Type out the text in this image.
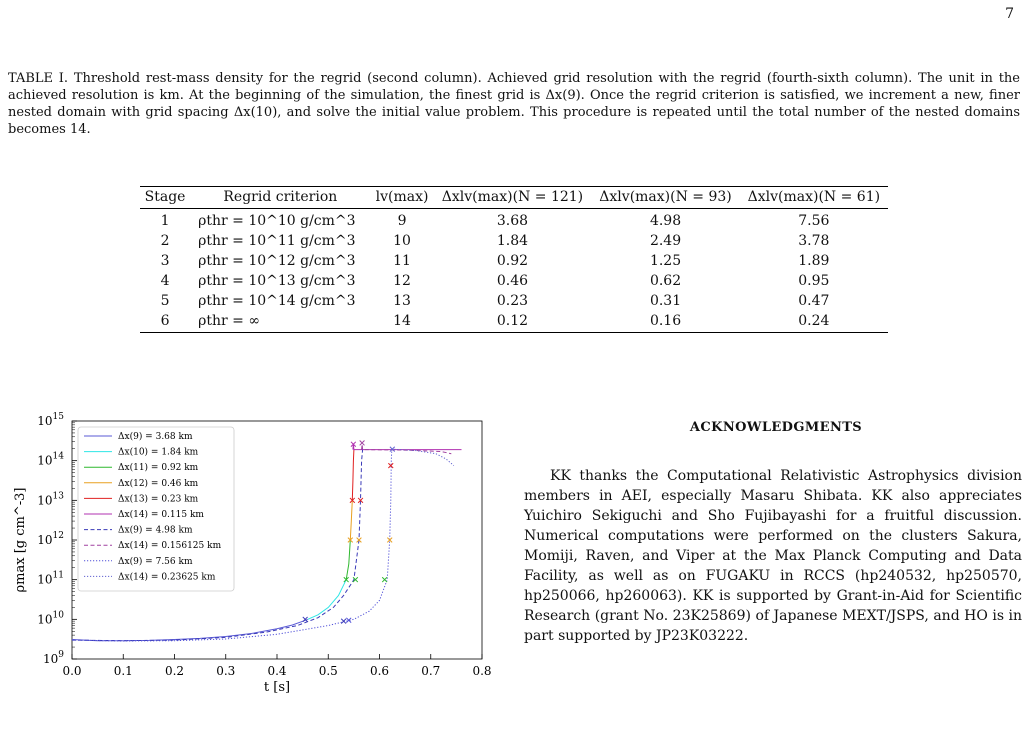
7

TABLE I. Threshold rest-mass density for the regrid (second column). Achieved grid resolution with the regrid (fourth-sixth column). The unit in the achieved resolution is km. At the beginning of the simulation, the finest grid is Δx(9). Once the regrid criterion is satisfied, we increment a new, finer nested domain with grid spacing Δx(10), and solve the initial value problem. This procedure is repeated until the total number of the nested domains becomes 14.

Stage	Regrid criterion	lv(max)	Δxlv(max)(N = 121)	Δxlv(max)(N = 93)	Δxlv(max)(N = 61)
1	ρthr = 10^10 g/cm^3	9	3.68	4.98	7.56
2	ρthr = 10^11 g/cm^3	10	1.84	2.49	3.78
3	ρthr = 10^12 g/cm^3	11	0.92	1.25	1.89
4	ρthr = 10^13 g/cm^3	12	0.46	0.62	0.95
5	ρthr = 10^14 g/cm^3	13	0.23	0.31	0.47
6	ρthr = ∞	14	0.12	0.16	0.24
0.0	0.1	0.2	0.3	0.4	0.5	0.6	0.7	0.8
$10^9$
$10^{10}$
$10^{11}$
$10^{12}$
$10^{13}$
$10^{14}$
$10^{15}$
Δx(9) = 3.68 km
Δx(10) = 1.84 km
Δx(11) = 0.92 km
Δx(12) = 0.46 km
Δx(13) = 0.23 km
Δx(14) = 0.115 km
Δx(9) = 4.98 km
Δx(14) = 0.156125 km
Δx(9) = 7.56 km
Δx(14) = 0.23625 km
t [s]
ρmax [g cm^-3]
ACKNOWLEDGMENTS

KK thanks the Computational Relativistic Astrophysics division members in AEI, especially Masaru Shibata. KK also appreciates Yuichiro Sekiguchi and Sho Fujibayashi for a fruitful discussion. Numerical computations were performed on the clusters Sakura, Momiji, Raven, and Viper at the Max Planck Computing and Data Facility, as well as on FUGAKU in RCCS (hp240532, hp250570, hp250066, hp260063). KK is supported by Grant-in-Aid for Scientific Research (grant No. 23K25869) of Japanese MEXT/JSPS, and HO is in part supported by JP23K03222.
